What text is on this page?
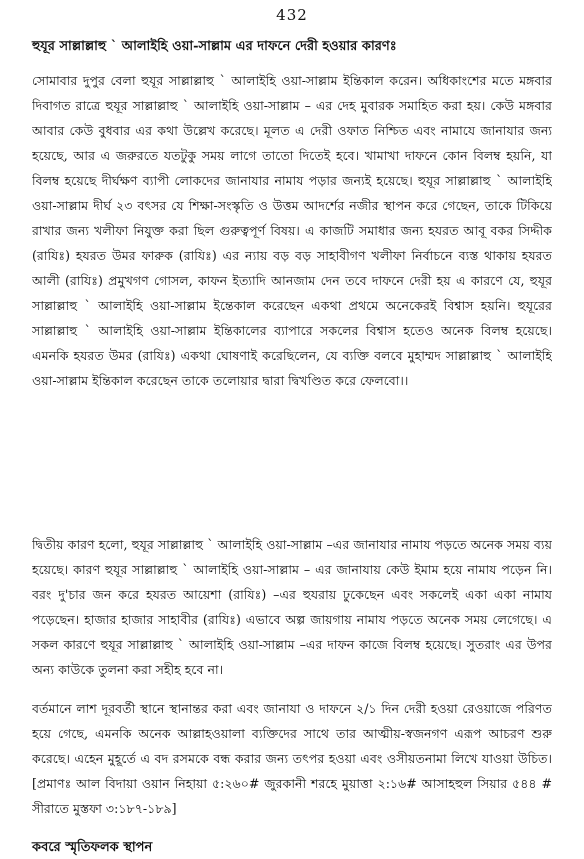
432
হুযূর সাল্লাল্লাহু ` আলাইহি ওয়া-সাল্লাম এর দাফনে দেরী হওয়ার কারণঃ

সোমাবার দুপুর বেলা হুযূর সাল্লাল্লাহু ` আলাইহি ওয়া-সাল্লাম ইন্তিকাল করেন। অধিকাংশের মতে মঙ্গবার দিবাগত রাত্রে হুযূর সাল্লাল্লাহু ` আলাইহি ওয়া-সাল্লাম – এর দেহ মুবারক সমাহিত করা হয়। কেউ মঙ্গবার আবার কেউ বুধবার এর কথা উল্লেখ করেছে। মূলত এ দেরী ওফাত নিশ্চিত এবং নামাযে জানাযার জন্য হয়েছে, আর এ জরুরতে যতটুকু সময় লাগে তাতো দিতেই হবে। খামাখা দাফনে কোন বিলম্ব হয়নি, যা বিলম্ব হয়েছে দীর্ঘক্ষণ ব্যাপী লোকদের জানাযার নামায পড়ার জন্যই হয়েছে। হুযূর সাল্লাল্লাহু ` আলাইহি ওয়া-সাল্লাম দীর্ঘ ২৩ বৎসর যে শিক্ষা-সংস্কৃতি ও উত্তম আদর্শের নজীর স্থাপন করে গেছেন, তাকে টিকিয়ে রাখার জন্য খলীফা নিযুক্ত করা ছিল গুরুত্বপূর্ণ বিষয়। এ কাজটি সমাধার জন্য হযরত আবূ বকর সিদ্দীক (রাযিঃ) হযরত উমর ফারুক (রাযিঃ) এর ন্যায় বড় বড় সাহাবীগণ খলীফা নির্বাচনে ব্যস্ত থাকায় হযরত আলী (রাযিঃ) প্রমুখগণ গোসল, কাফন ইত্যাদি আনজাম দেন তবে দাফনে দেরী হয় এ কারণে যে, হুযূর সাল্লাল্লাহু ` আলাইহি ওয়া-সাল্লাম ইন্তেকাল করেছেন একথা প্রথমে অনেকেরই বিশ্বাস হয়নি। হুযূরের সাল্লাল্লাহু ` আলাইহি ওয়া-সাল্লাম ইন্তিকালের ব্যাপারে সকলের বিশ্বাস হতেও অনেক বিলম্ব হয়েছে। এমনকি হযরত উমর (রাযিঃ) একথা ঘোষণাই করেছিলেন, যে ব্যক্তি বলবে মুহাম্মদ সাল্লাল্লাহু ` আলাইহি ওয়া-সাল্লাম ইন্তিকাল করেছেন তাকে তলোয়ার দ্বারা দ্বিখণ্ডিত করে ফেলবো।।

দ্বিতীয় কারণ হলো, হুযূর সাল্লাল্লাহু ` আলাইহি ওয়া-সাল্লাম –এর জানাযার নামায পড়তে অনেক সময় ব্যয় হয়েছে। কারণ হুযূর সাল্লাল্লাহু ` আলাইহি ওয়া-সাল্লাম – এর জানাযায় কেউ ইমাম হয়ে নামায পড়েন নি। বরং দু'চার জন করে হযরত আয়েশা (রাযিঃ) –এর হুযরায় ঢুকেছেন এবং সকলেই একা একা নামায পড়েছেন। হাজার হাজার সাহাবীর (রাযিঃ) এভাবে অল্প জায়গায় নামায পড়তে অনেক সময় লেগেছে। এ সকল কারণে হুযূর সাল্লাল্লাহু ` আলাইহি ওয়া-সাল্লাম –এর দাফন কাজে বিলম্ব হয়েছে। সুতরাং এর উপর অন্য কাউকে তুলনা করা সহীহ হবে না।

বর্তমানে লাশ দূরবর্তী স্থানে স্থানান্তর করা এবং জানাযা ও দাফনে ২/১ দিন দেরী হওয়া রেওয়াজে পরিণত হয়ে গেছে, এমনকি অনেক আল্লাহওয়ালা ব্যক্তিদের সাথে তার আত্মীয়-স্বজনগণ এরূপ আচরণ শুরু করেছে। এহেন মুহূর্তে এ বদ রসমকে বন্ধ করার জন্য তৎপর হওয়া এবং ওসীয়তনামা লিখে যাওয়া উচিত। [প্রমাণঃ আল বিদায়া ওয়ান নিহায়া ৫:২৬০# জুরকানী শরহে মুয়াত্তা ২:১৬# আসাহহুল সিয়ার ৫৪৪ # সীরাতে মুস্তফা ৩:১৮৭-১৮৯]

কবরে স্মৃতিফলক স্থাপন
